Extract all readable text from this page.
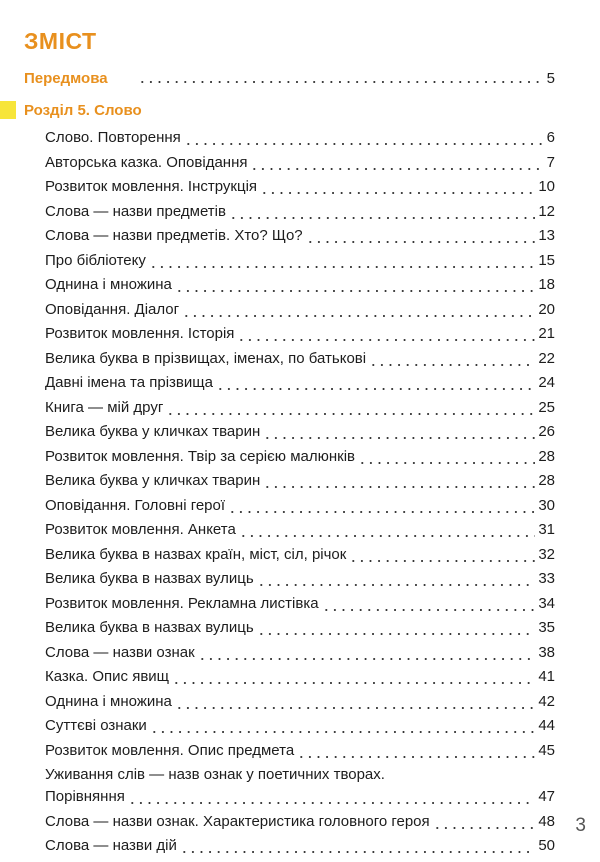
ЗМІСТ
Передмова	5
Розділ 5. Слово
Слово. Повторення	6
Авторська казка. Оповідання	7
Розвиток мовлення. Інструкція	10
Слова — назви предметів	12
Слова — назви предметів. Хто? Що?	13
Про бібліотеку	15
Однина і множина	18
Оповідання. Діалог	20
Розвиток мовлення. Історія	21
Велика буква в прізвищах, іменах, по батькові	22
Давні імена та прізвища	24
Книга — мій друг	25
Велика буква у кличках тварин	26
Розвиток мовлення. Твір за серією малюнків	28
Велика буква у кличках тварин	28
Оповідання. Головні герої	30
Розвиток мовлення. Анкета	31
Велика буква в назвах країн, міст, сіл, річок	32
Велика буква в назвах вулиць	33
Розвиток мовлення. Рекламна листівка	34
Велика буква в назвах вулиць	35
Слова — назви ознак	38
Казка. Опис явищ	41
Однина і множина	42
Суттєві ознаки	44
Розвиток мовлення. Опис предмета	45
Уживання слів — назв ознак у поетичних творах.
Порівняння	47
Слова — назви ознак. Характеристика головного героя	48
Слова — назви дій	50
3
